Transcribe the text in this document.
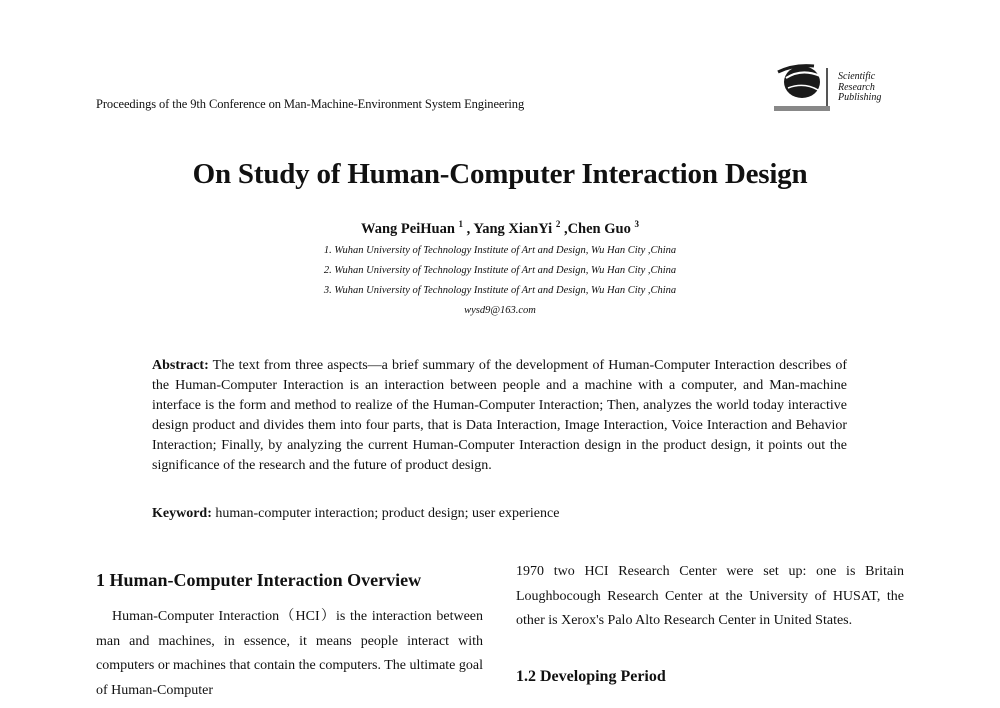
Proceedings of the 9th Conference on Man-Machine-Environment System Engineering
Scientific
Research
Publishing
On Study of Human-Computer Interaction Design
Wang PeiHuan $^1$ , Yang XianYi $^2$ ,Chen Guo $^3$
1. Wuhan University of Technology Institute of Art and Design, Wu Han City ,China
2. Wuhan University of Technology Institute of Art and Design, Wu Han City ,China
3. Wuhan University of Technology Institute of Art and Design, Wu Han City ,China
wysd9@163.com
Abstract: The text from three aspects—a brief summary of the development of Human-Computer Interaction describes of the Human-Computer Interaction is an interaction between people and a machine with a computer, and Man-machine interface is the form and method to realize of the Human-Computer Interaction; Then, analyzes the world today interactive design product and divides them into four parts, that is Data Interaction, Image Interaction, Voice Interaction and Behavior Interaction; Finally, by analyzing the current Human-Computer Interaction design in the product design, it points out the significance of the research and the future of product design.
Keyword: human-computer interaction; product design; user experience
1 Human-Computer Interaction Overview
Human-Computer Interaction（HCI）is the interaction between man and machines, in essence, it means people interact with computers or machines that contain the computers. The ultimate goal of Human-Computer
1970 two HCI Research Center were set up: one is Britain Loughbocough Research Center at the University of HUSAT, the other is Xerox's Palo Alto Research Center in United States.
1.2 Developing Period
